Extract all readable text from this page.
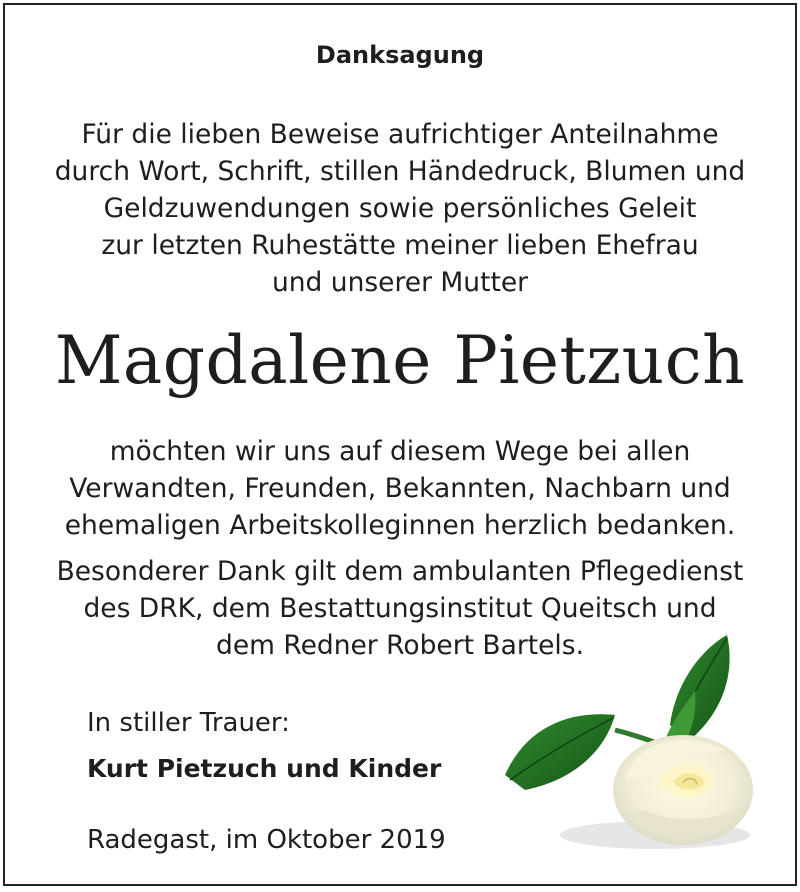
Danksagung
Für die lieben Beweise aufrichtiger Anteilnahme
durch Wort, Schrift, stillen Händedruck, Blumen und
Geldzuwendungen sowie persönliches Geleit
zur letzten Ruhestätte meiner lieben Ehefrau
und unserer Mutter
Magdalene Pietzuch
möchten wir uns auf diesem Wege bei allen
Verwandten, Freunden, Bekannten, Nachbarn und
ehemaligen Arbeitskolleginnen herzlich bedanken.
Besonderer Dank gilt dem ambulanten Pflegedienst
des DRK, dem Bestattungsinstitut Queitsch und
dem Redner Robert Bartels.
In stiller Trauer:
Kurt Pietzuch und Kinder
Radegast, im Oktober 2019
